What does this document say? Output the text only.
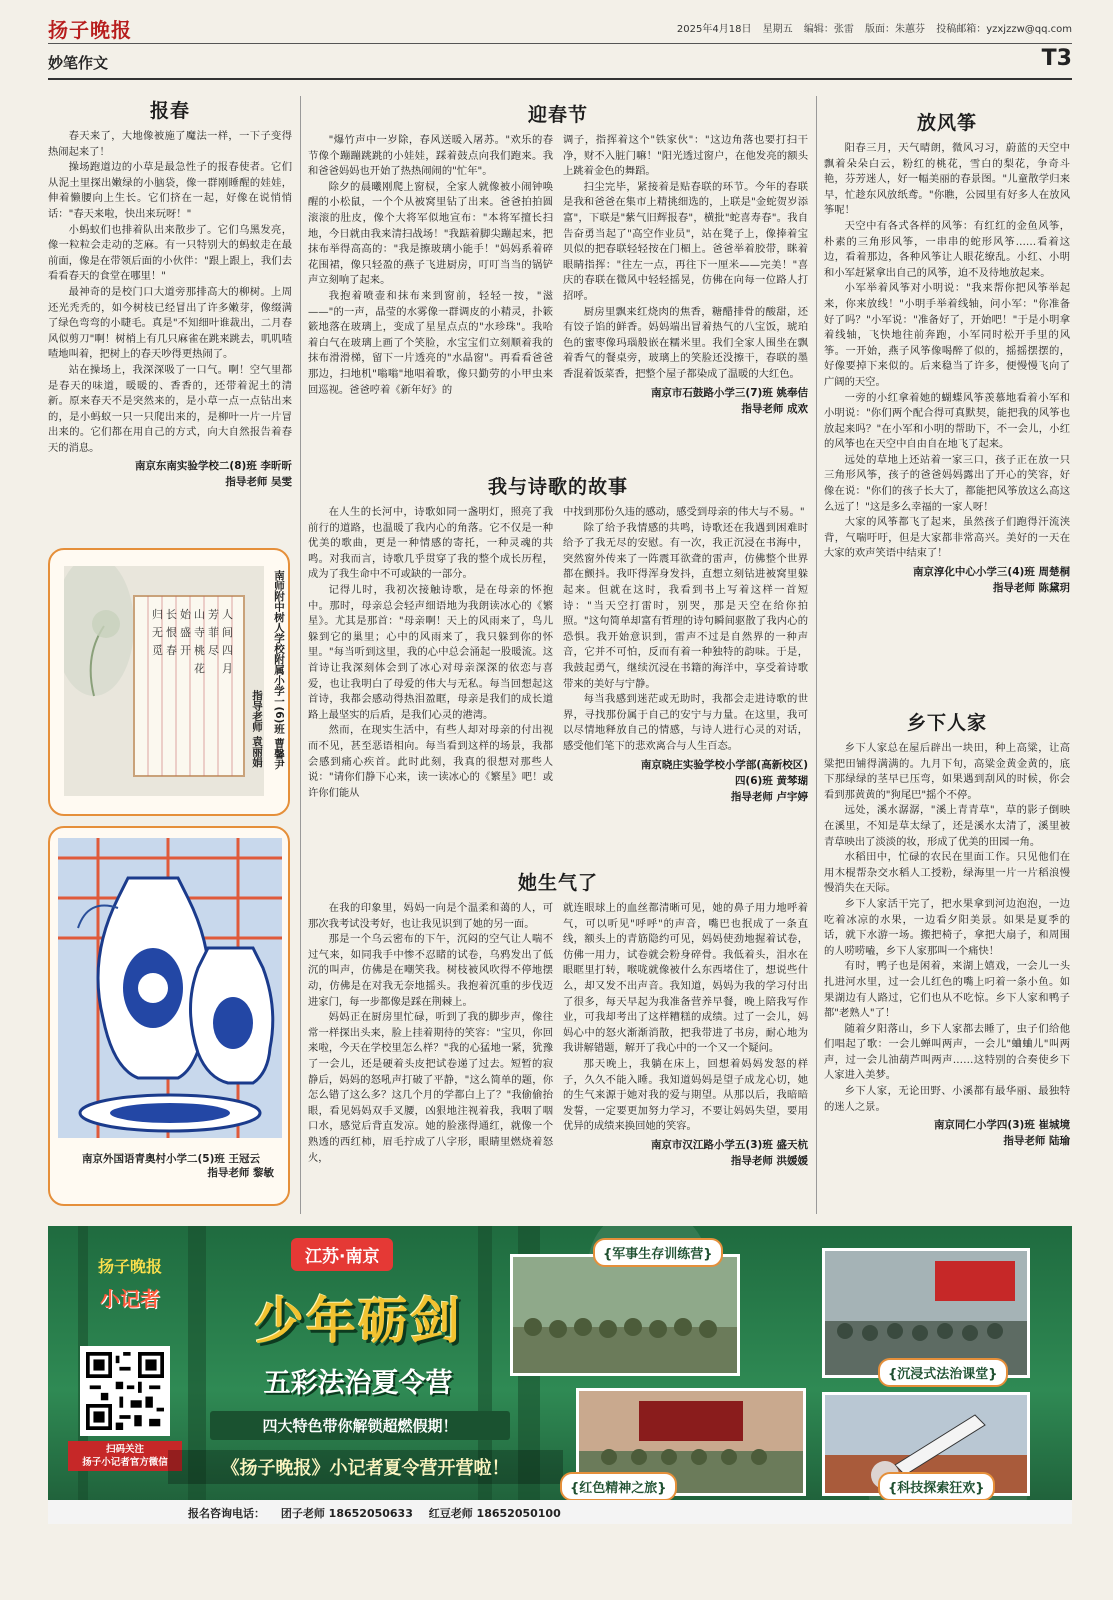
扬子晚报	2025年4月18日 星期五 编辑：张雷 版面：朱蕙芬 投稿邮箱：yzxjzzw@qq.com
妙笔作文	T3
报春

春天来了，大地像被施了魔法一样，一下子变得热闹起来了！

操场跑道边的小草是最急性子的报春使者。它们从泥土里探出嫩绿的小脑袋，像一群刚睡醒的娃娃，伸着懒腰向上生长。它们挤在一起，好像在说悄悄话："春天来啦，快出来玩呀！"

小蚂蚁们也排着队出来散步了。它们乌黑发亮，像一粒粒会走动的芝麻。有一只特别大的蚂蚁走在最前面，像是在带领后面的小伙伴："跟上跟上，我们去看看春天的食堂在哪里！"

最神奇的是校门口大道旁那排高大的柳树。上周还光秃秃的，如今树枝已经冒出了许多嫩芽，像缀满了绿色弯弯的小睫毛。真是"不知细叶谁裁出，二月春风似剪刀"啊！树梢上有几只麻雀在跳来跳去，叽叽喳喳地叫着，把树上的春天吵得更热闹了。

站在操场上，我深深吸了一口气。啊！空气里都是春天的味道，暖暖的、香香的，还带着泥土的清新。原来春天不是突然来的，是小草一点一点钻出来的，是小蚂蚁一只一只爬出来的，是柳叶一片一片冒出来的。它们都在用自己的方式，向大自然报告着春天的消息。

南京东南实验学校二(8)班 李昕昕
指导老师 吴雯
人
间
四
月
芳
菲
尽
山
寺
桃
花
始
盛
开
长
恨
春
归
无
觅	南师附中树人学校附属小学一(6)班 曹馨尹
指导老师 袁丽娟
南京外国语青奥村小学二(5)班 王冠云
指导老师 黎敏
迎春节

"爆竹声中一岁除，春风送暖入屠苏。"欢乐的春节像个蹦蹦跳跳的小娃娃，踩着鼓点向我们跑来。我和爸爸妈妈也开始了热热闹闹的"忙年"。

除夕的晨曦刚爬上窗棂，全家人就像被小闹钟唤醒的小松鼠，一个个从被窝里钻了出来。爸爸拍拍圆滚滚的肚皮，像个大将军似地宣布："本将军擅长扫地，今日就由我来清扫战场！"我踮着脚尖蹦起来，把抹布举得高高的："我是擦玻璃小能手！"妈妈系着碎花围裙，像只轻盈的燕子飞进厨房，叮叮当当的锅铲声立刻响了起来。

我抱着喷壶和抹布来到窗前，轻轻一按，"滋——"的一声，晶莹的水雾像一群调皮的小精灵，扑簌簌地落在玻璃上，变成了星星点点的"水珍珠"。我哈着白气在玻璃上画了个笑脸，水宝宝们立刻顺着我的抹布滑滑梯，留下一片透亮的"水晶窗"。再看看爸爸那边，扫地机"嗡嗡"地唱着歌，像只勤劳的小甲虫来回巡视。爸爸哼着《新年好》的

调子，指挥着这个"铁家伙"："这边角落也要打扫干净，财不入脏门嘛！"阳光透过窗户，在他发亮的额头上跳着金色的舞蹈。

扫尘完毕，紧接着是贴春联的环节。今年的春联是我和爸爸在集市上精挑细选的，上联是"金蛇贺岁添富"，下联是"紫气旧辉报春"，横批"蛇喜寿春"。我自告奋勇当起了"高空作业员"，站在凳子上，像捧着宝贝似的把春联轻轻按在门楣上。爸爸举着胶带，眯着眼睛指挥："往左一点，再往下一厘米——完美！"喜庆的春联在微风中轻轻摇晃，仿佛在向每一位路人打招呼。

厨房里飘来红烧肉的焦香，糖醋排骨的酸甜，还有饺子馅的鲜香。妈妈端出冒着热气的八宝饭，琥珀色的蜜枣像玛瑙般嵌在糯米里。我们全家人围坐在飘着香气的餐桌旁，玻璃上的笑脸还没擦干，春联的墨香混着饭菜香，把整个屋子都染成了温暖的大红色。

南京市石鼓路小学三(7)班 姚奉佶
指导老师 成欢
我与诗歌的故事

在人生的长河中，诗歌如同一盏明灯，照亮了我前行的道路，也温暖了我内心的角落。它不仅是一种优美的歌曲，更是一种情感的寄托，一种灵魂的共鸣。对我而言，诗歌几乎贯穿了我的整个成长历程，成为了我生命中不可或缺的一部分。

记得儿时，我初次接触诗歌，是在母亲的怀抱中。那时，母亲总会轻声细语地为我朗读冰心的《繁星》。尤其是那首："母亲啊！天上的风雨来了，鸟儿躲到它的巢里；心中的风雨来了，我只躲到你的怀里。"每当听到这里，我的心中总会涌起一股暖流。这首诗让我深刻体会到了冰心对母亲深深的依恋与喜爱，也让我明白了母爱的伟大与无私。每当回想起这首诗，我都会感动得热泪盈眶，母亲是我们的成长道路上最坚实的后盾，是我们心灵的港湾。

然而，在现实生活中，有些人却对母亲的付出视而不见，甚至恶语相向。每当看到这样的场景，我都会感到痛心疾首。此时此刻，我真的很想对那些人说："请你们静下心来，读一读冰心的《繁星》吧！或许你们能从

中找到那份久违的感动，感受到母亲的伟大与不易。"

除了给予我情感的共鸣，诗歌还在我遇到困难时给予了我无尽的安慰。有一次，我正沉浸在书海中，突然窗外传来了一阵震耳欲聋的雷声，仿佛整个世界都在颤抖。我吓得浑身发抖，直想立刻钻进被窝里躲起来。但就在这时，我看到书上写着这样一首短诗："当天空打雷时，别哭，那是天空在给你拍照。"这句简单却富有哲理的诗句瞬间驱散了我内心的恐惧。我开始意识到，雷声不过是自然界的一种声音，它并不可怕，反而有着一种独特的韵味。于是，我鼓起勇气，继续沉浸在书籍的海洋中，享受着诗歌带来的美好与宁静。

每当我感到迷茫或无助时，我都会走进诗歌的世界，寻找那份属于自己的安宁与力量。在这里，我可以尽情地释放自己的情感，与诗人进行心灵的对话，感受他们笔下的悲欢离合与人生百态。

南京晓庄实验学校小学部(高新校区)
四(6)班 黄棽瑚
指导老师 卢宇婷
她生气了

在我的印象里，妈妈一向是个温柔和蔼的人，可那次我考试没考好，也让我见识到了她的另一面。

那是一个乌云密布的下午，沉闷的空气让人喘不过气来，如同我手中惨不忍睹的试卷，乌鸦发出了低沉的叫声，仿佛是在嘲笑我。树枝被风吹得不停地摆动，仿佛是在对我无奈地摇头。我抱着沉重的步伐迈进家门，每一步都像是踩在荆棘上。

妈妈正在厨房里忙碌，听到了我的脚步声，像往常一样探出头来，脸上挂着期待的笑容："宝贝，你回来啦，今天在学校里怎么样？"我的心猛地一紧，犹豫了一会儿，还是硬着头皮把试卷递了过去。短暂的寂静后，妈妈的怒吼声打破了平静，"这么简单的题，你怎么错了这么多？这几个月的学都白上了？"我偷偷抬眼，看见妈妈双手叉腰，凶狠地注视着我，我咽了咽口水，感觉后背直发凉。她的脸涨得通红，就像一个熟透的西红柿，眉毛拧成了八字形，眼睛里燃烧着怒火，

就连眼球上的血丝都清晰可见，她的鼻子用力地呼着气，可以听见"呼呼"的声音，嘴巴也抿成了一条直线，额头上的青筋隐约可见，妈妈使劲地握着试卷，仿佛一用力，试卷就会粉身碎骨。我低着头，泪水在眼眶里打转，喉咙就像被什么东西堵住了，想说些什么，却又发不出声音。我知道，妈妈为我的学习付出了很多，每天早起为我准备营养早餐，晚上陪我写作业，可我却考出了这样糟糕的成绩。过了一会儿，妈妈心中的怒火渐渐消散，把我带进了书房，耐心地为我讲解错题，解开了我心中的一个又一个疑问。

那天晚上，我躺在床上，回想着妈妈发怒的样子，久久不能入睡。我知道妈妈是望子成龙心切，她的生气来源于她对我的爱与期望。从那以后，我暗暗发誓，一定要更加努力学习，不要让妈妈失望，要用优异的成绩来换回她的笑容。

南京市汉江路小学五(3)班 盛天杭
指导老师 洪媛媛
放风筝

阳春三月，天气晴朗，微风习习，蔚蓝的天空中飘着朵朵白云，粉红的桃花，雪白的梨花，争奇斗艳，芬芳迷人，好一幅美丽的春景图。"儿童散学归来早，忙趁东风放纸鸢。"你瞧，公园里有好多人在放风筝呢！

天空中有各式各样的风筝：有红红的金鱼风筝，朴素的三角形风筝，一串串的蛇形风筝……看着这边，看着那边，各种风筝让人眼花缭乱。小红、小明和小军赶紧拿出自己的风筝，迫不及待地放起来。

小军举着风筝对小明说："我来帮你把风筝举起来，你来放线！"小明手举着线轴，问小军："你准备好了吗？"小军说："准备好了，开始吧！"于是小明拿着线轴，飞快地往前奔跑，小军同时松开手里的风筝。一开始，燕子风筝像喝醉了似的，摇摇摆摆的，好像要掉下来似的。后来稳当了许多，便慢慢飞向了广阔的天空。

一旁的小红拿着她的蝴蝶风筝羡慕地看着小军和小明说："你们两个配合得可真默契，能把我的风筝也放起来吗？"在小军和小明的帮助下，不一会儿，小红的风筝也在天空中自由自在地飞了起来。

远处的草地上还站着一家三口，孩子正在放一只三角形风筝，孩子的爸爸妈妈露出了开心的笑容，好像在说："你们的孩子长大了，都能把风筝放这么高这么远了！"这是多么幸福的一家人呀！

大家的风筝都飞了起来，虽然孩子们跑得汗流浃背，气喘吁吁，但是大家都非常高兴。美好的一天在大家的欢声笑语中结束了！

南京淳化中心小学三(4)班 周楚桐
指导老师 陈黛玥
乡下人家

乡下人家总在屋后辟出一块田，种上高粱，让高粱把田铺得满满的。九月下旬，高粱金黄金黄的，底下那绿绿的茎早已压弯，如果遇到刮风的时候，你会看到那黄黄的"狗尾巴"摇个不停。

远处，溪水潺潺，"溪上青青草"，草的影子倒映在溪里，不知是草太绿了，还是溪水太清了，溪里被青草映出了淡淡的妆，形成了优美的田园一角。

水稻田中，忙碌的农民在里面工作。只见他们在用木棍帮杂交水稻人工授粉，绿海里一片一片稻浪慢慢消失在天际。

乡下人家活干完了，把水果拿到河边泡泡，一边吃着冰凉的水果，一边看夕阳美景。如果是夏季的话，就下水游一场。搬把椅子，拿把大扇子，和周围的人唠唠嗑，乡下人家那叫一个痛快！

有时，鸭子也是闲着，来湖上嬉戏，一会儿一头扎进河水里，过一会儿红色的嘴上叼着一条小鱼。如果湖边有人路过，它们也从不吃惊。乡下人家和鸭子都"老熟人"了！

随着夕阳落山，乡下人家都去睡了，虫子们给他们唱起了歌：一会儿蝉叫两声，一会儿"蛐蛐儿"叫两声，过一会儿油葫芦叫两声……这特别的合奏使乡下人家进入美梦。

乡下人家，无论田野、小溪都有最华丽、最独特的迷人之景。

南京同仁小学四(3)班 崔城境
指导老师 陆瑜
扬子晚报
小记者
扫码关注
扬子小记者官方微信
江苏·南京
少年砺剑
五彩法治夏令营
四大特色带你解锁超燃假期！
《扬子晚报》小记者夏令营开营啦！
{军事生存训练营}
{沉浸式法治课堂}
{红色精神之旅}	{科技探索狂欢}
报名咨询电话： 团子老师 18652050633 红豆老师 18652050100
